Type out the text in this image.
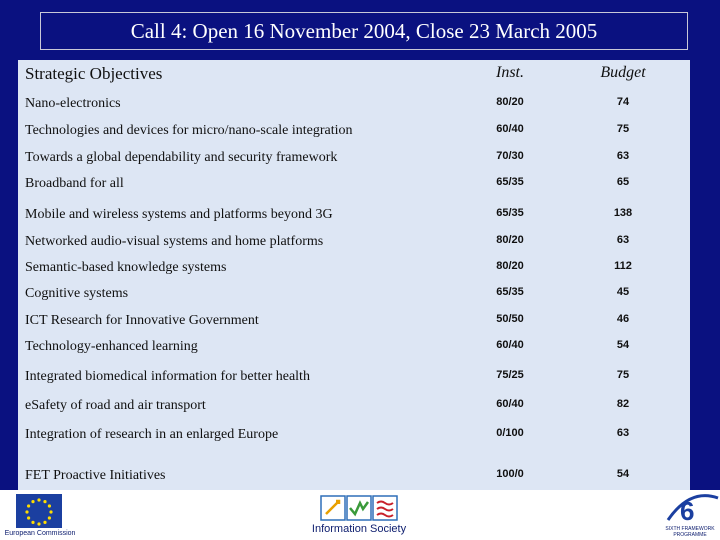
Call 4: Open 16 November 2004, Close 23 March 2005
Strategic Objectives	Inst.	Budget
Nano-electronics	80/20	74
Technologies and devices for micro/nano-scale integration	60/40	75
Towards a global dependability and security framework	70/30	63
Broadband for all	65/35	65
Mobile and wireless systems and platforms beyond 3G	65/35	138
Networked audio-visual systems and home platforms	80/20	63
Semantic-based knowledge systems	80/20	112
Cognitive systems	65/35	45
ICT Research for Innovative Government	50/50	46
Technology-enhanced learning	60/40	54
Integrated biomedical information for better health	75/25	75
eSafety of road and air transport	60/40	82
Integration of research in an enlarged Europe	0/100	63
FET Proactive Initiatives	100/0	54
European Commission	Information Society
6
SIXTH FRAMEWORK PROGRAMME
